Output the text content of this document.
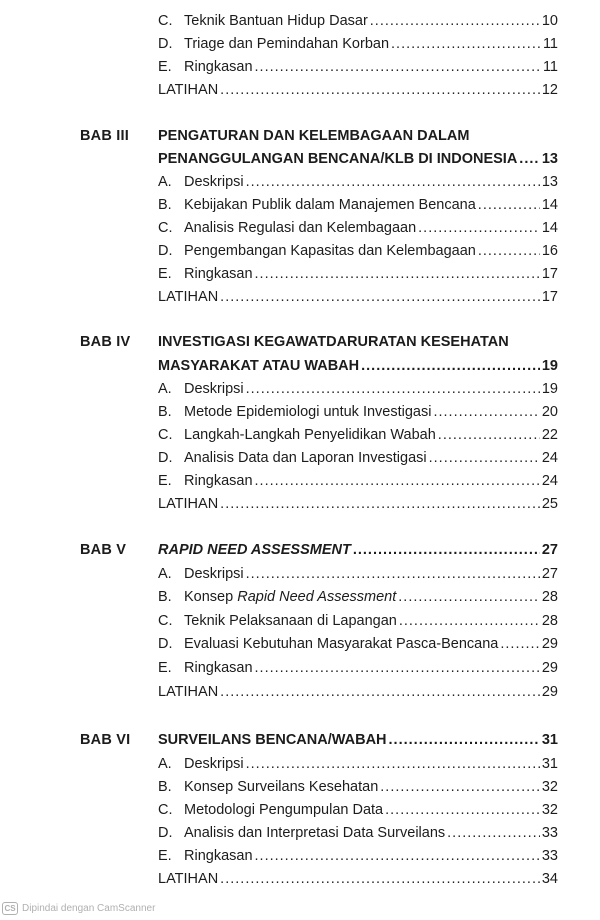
C. Teknik Bantuan Hidup Dasar .....	10
D. Triage dan Pemindahan Korban .....	11
E. Ringkasan .....	11
LATIHAN .....	12
BAB III PENGATURAN DAN KELEMBAGAAN DALAM
PENANGGULANGAN BENCANA/KLB DI INDONESIA ..... 13
A. Deskripsi .....	13
B. Kebijakan Publik dalam Manajemen Bencana .....	14
C. Analisis Regulasi dan Kelembagaan .....	14
D. Pengembangan Kapasitas dan Kelembagaan .....	16
E. Ringkasan .....	17
LATIHAN .....	17
BAB IV INVESTIGASI KEGAWATDARURATAN KESEHATAN
MASYARAKAT ATAU WABAH .....	19
A. Deskripsi .....	19
B. Metode Epidemiologi untuk Investigasi .....	20
C. Langkah-Langkah Penyelidikan Wabah .....	22
D. Analisis Data dan Laporan Investigasi .....	24
E. Ringkasan .....	24
LATIHAN .....	25
BAB V RAPID NEED ASSESSMENT .....	27
A. Deskripsi .....	27
B. Konsep Rapid Need Assessment .....	28
C. Teknik Pelaksanaan di Lapangan .....	28
D. Evaluasi Kebutuhan Masyarakat Pasca-Bencana .....	29
E. Ringkasan .....	29
LATIHAN .....	29
BAB VI SURVEILANS BENCANA/WABAH .....	31
A. Deskripsi .....	31
B. Konsep Surveilans Kesehatan .....	32
C. Metodologi Pengumpulan Data .....	32
D. Analisis dan Interpretasi Data Surveilans .....	33
E. Ringkasan .....	33
LATIHAN .....	34
CS Dipindai dengan CamScanner
